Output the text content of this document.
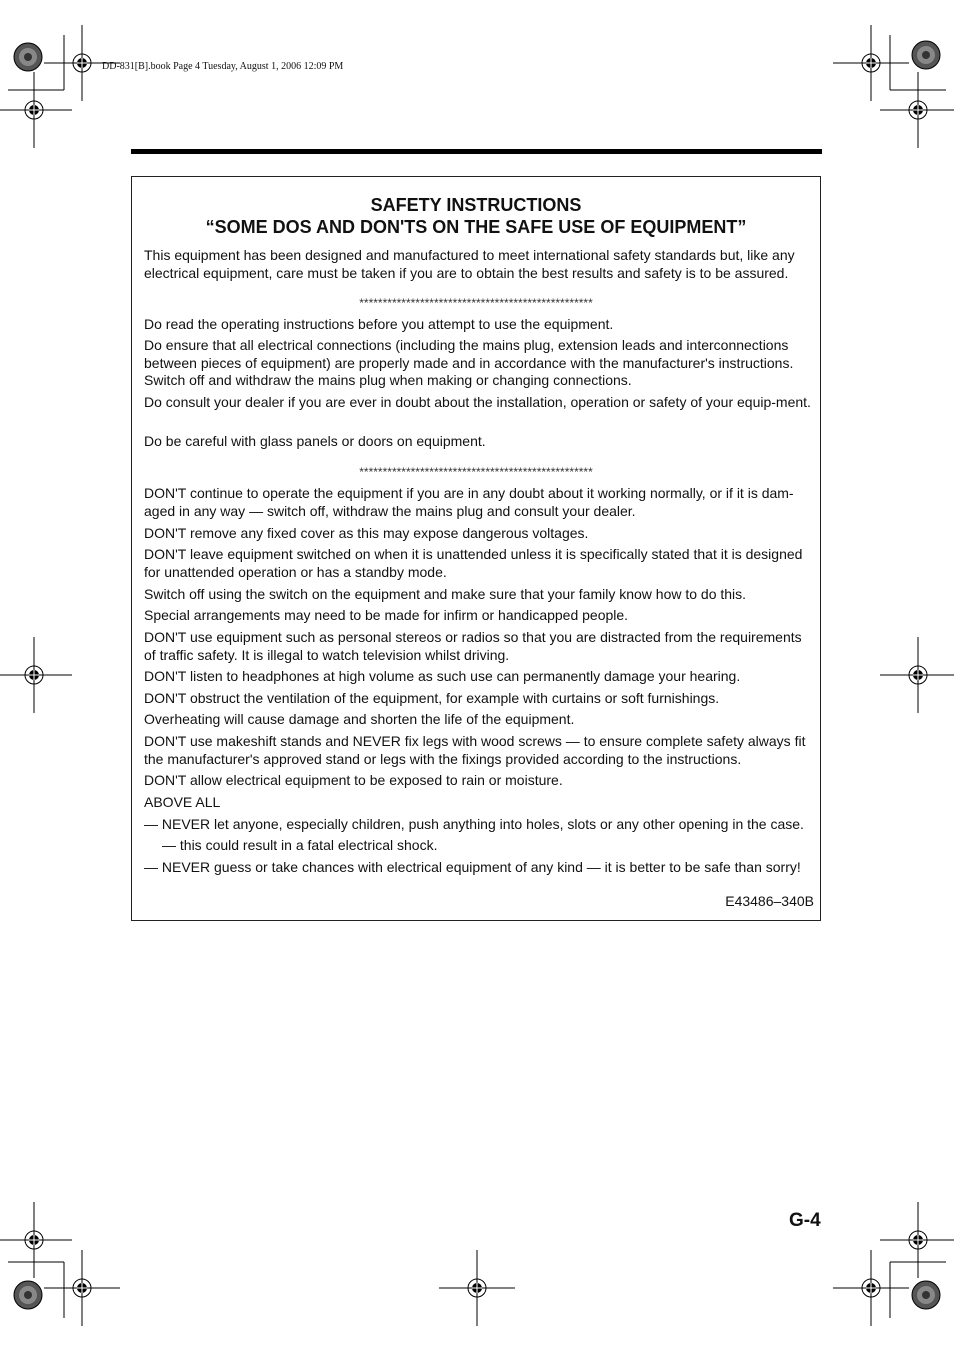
DD-831[B].book Page 4 Tuesday, August 1, 2006 12:09 PM
SAFETY INSTRUCTIONS
“SOME DOS AND DON'TS ON THE SAFE USE OF EQUIPMENT”

This equipment has been designed and manufactured to meet international safety standards but, like any electrical equipment, care must be taken if you are to obtain the best results and safety is to be assured.

**************************************************

Do read the operating instructions before you attempt to use the equipment.

Do ensure that all electrical connections (including the mains plug, extension leads and interconnections between pieces of equipment) are properly made and in accordance with the manufacturer's instructions. Switch off and withdraw the mains plug when making or changing connections.

Do consult your dealer if you are ever in doubt about the installation, operation or safety of your equip-ment.

Do be careful with glass panels or doors on equipment.

**************************************************

DON'T continue to operate the equipment if you are in any doubt about it working normally, or if it is dam-aged in any way — switch off, withdraw the mains plug and consult your dealer.

DON'T remove any fixed cover as this may expose dangerous voltages.

DON'T leave equipment switched on when it is unattended unless it is specifically stated that it is designed for unattended operation or has a standby mode.

Switch off using the switch on the equipment and make sure that your family know how to do this.

Special arrangements may need to be made for infirm or handicapped people.

DON'T use equipment such as personal stereos or radios so that you are distracted from the requirements of traffic safety. It is illegal to watch television whilst driving.

DON'T listen to headphones at high volume as such use can permanently damage your hearing.

DON'T obstruct the ventilation of the equipment, for example with curtains or soft furnishings.

Overheating will cause damage and shorten the life of the equipment.

DON'T use makeshift stands and NEVER fix legs with wood screws — to ensure complete safety always fit the manufacturer's approved stand or legs with the fixings provided according to the instructions.

DON'T allow electrical equipment to be exposed to rain or moisture.

ABOVE ALL

— NEVER let anyone, especially children, push anything into holes, slots or any other opening in the case.

— this could result in a fatal electrical shock.

— NEVER guess or take chances with electrical equipment of any kind — it is better to be safe than sorry!

E43486–340B
G-4
